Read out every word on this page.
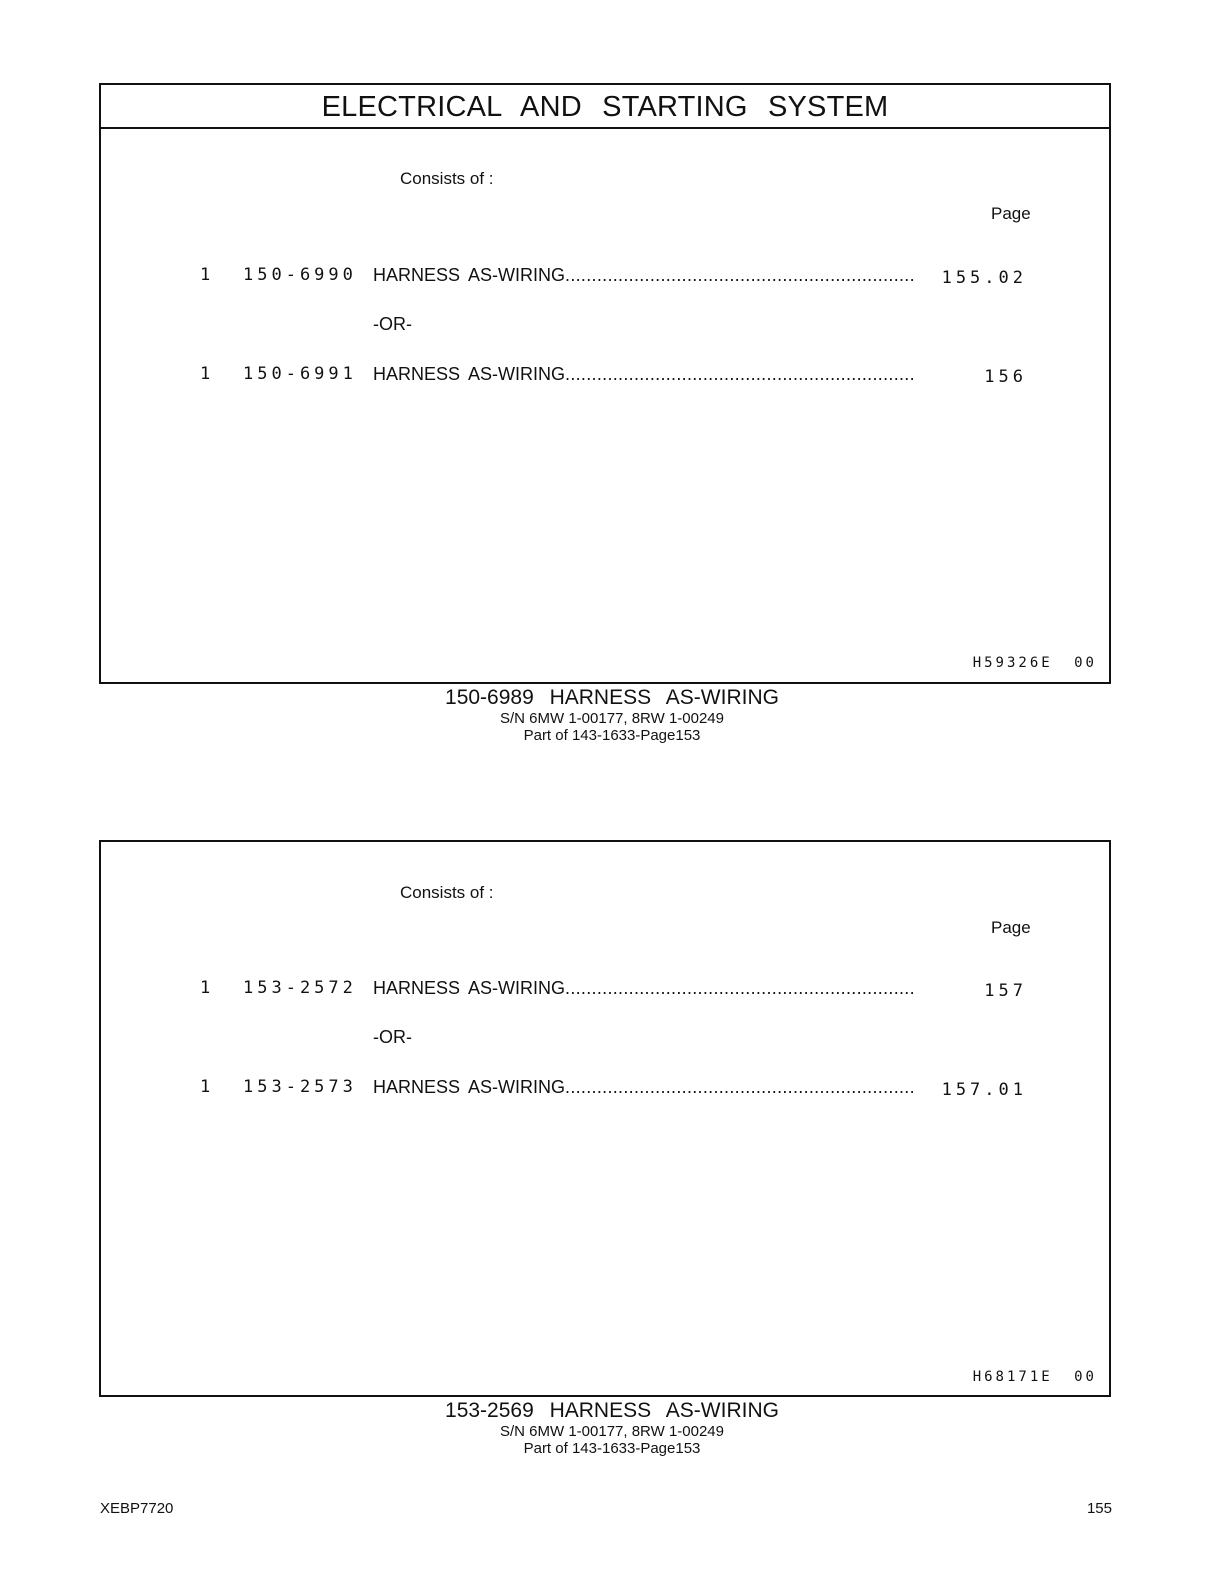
ELECTRICAL AND STARTING SYSTEM
Consists of :
Page
1 150-6990 HARNESS AS-WIRING .....	155.02
-OR-
1 150-6991 HARNESS AS-WIRING .....	156
H59326E 00
150-6989 HARNESS AS-WIRING
S/N 6MW 1-00177, 8RW 1-00249
Part of 143-1633-Page153
Consists of :
Page
1 153-2572 HARNESS AS-WIRING .....	157
-OR-
1 153-2573 HARNESS AS-WIRING .....	157.01
H68171E 00
153-2569 HARNESS AS-WIRING
S/N 6MW 1-00177, 8RW 1-00249
Part of 143-1633-Page153
XEBP7720	155
